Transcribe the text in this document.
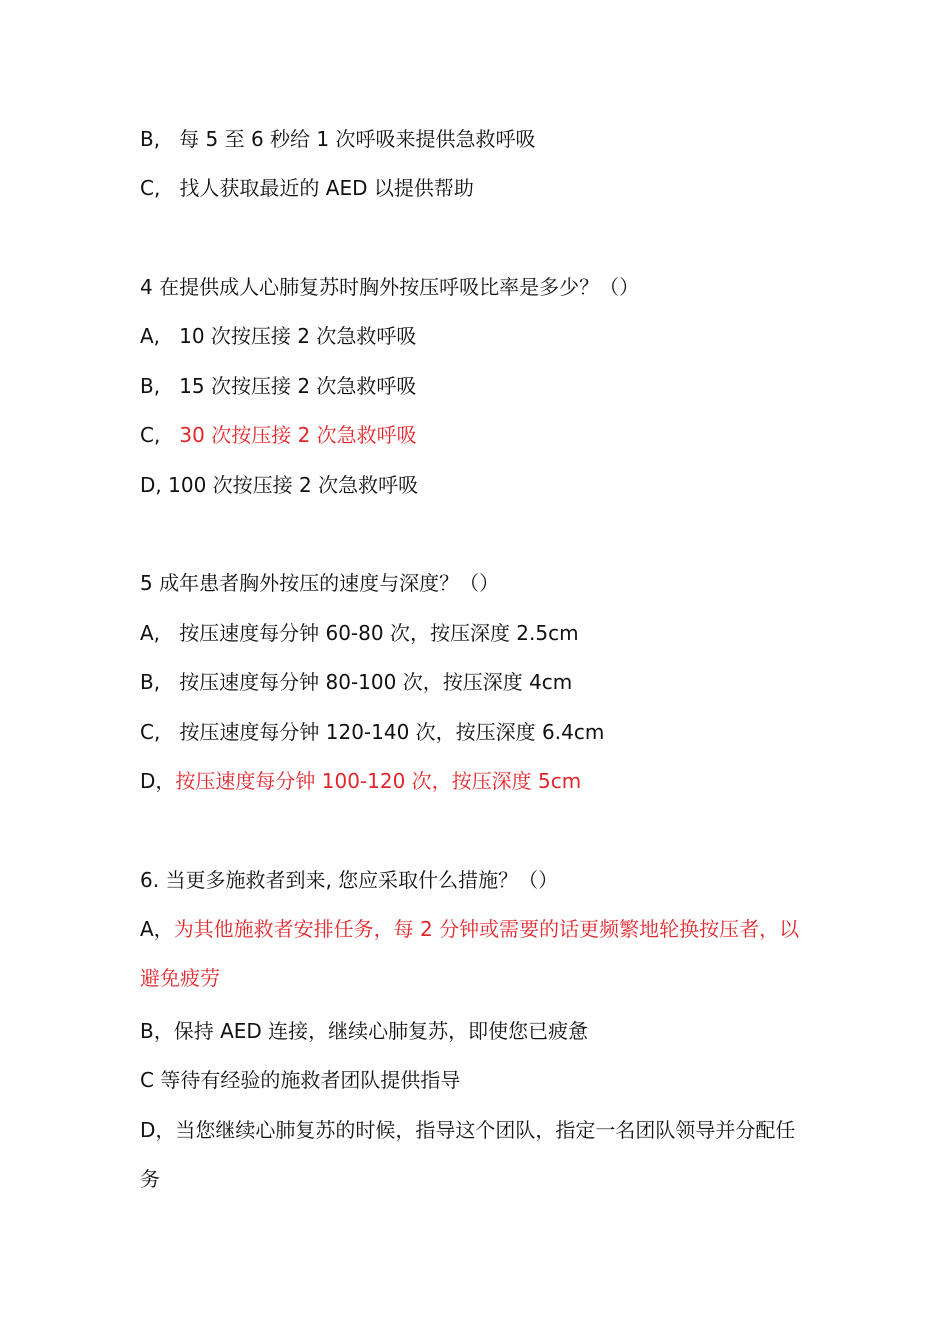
B, 每 5 至 6 秒给 1 次呼吸来提供急救呼吸
C, 找人获取最近的 AED 以提供帮助
4 在提供成人心肺复苏时胸外按压呼吸比率是多少？（）
A, 10 次按压接 2 次急救呼吸
B, 15 次按压接 2 次急救呼吸
C, 30 次按压接 2 次急救呼吸
D, 100 次按压接 2 次急救呼吸
5 成年患者胸外按压的速度与深度？（）
A, 按压速度每分钟 60-80 次，按压深度 2.5cm
B, 按压速度每分钟 80-100 次，按压深度 4cm
C, 按压速度每分钟 120-140 次，按压深度 6.4cm
D，按压速度每分钟 100-120 次，按压深度 5cm
6. 当更多施救者到来, 您应采取什么措施？（）
A，为其他施救者安排任务，每 2 分钟或需要的话更频繁地轮换按压者，以避免疲劳
B，保持 AED 连接，继续心肺复苏，即使您已疲惫
C 等待有经验的施救者团队提供指导
D，当您继续心肺复苏的时候，指导这个团队，指定一名团队领导并分配任务
